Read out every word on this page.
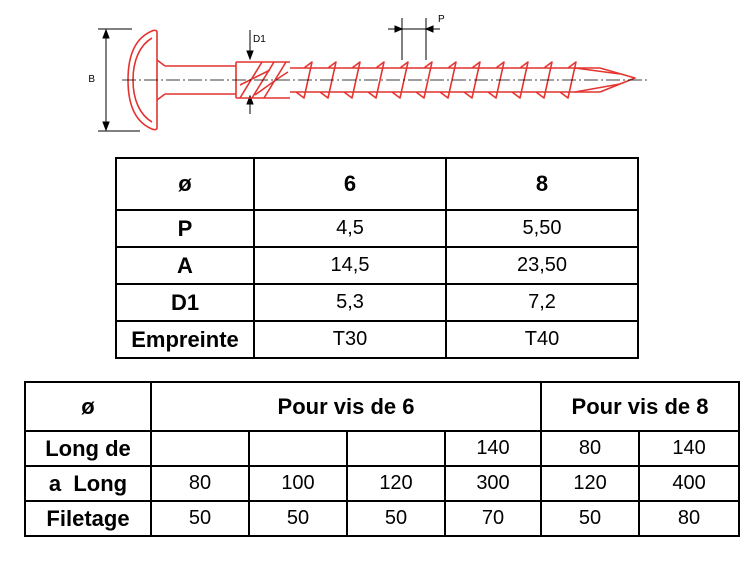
B
D1
P
ø	6	8
P	4,5	5,50
A	14,5	23,50
D1	5,3	7,2
Empreinte	T30	T40
ø	Pour vis de 6				Pour vis de 8	
Long de				140	80	140
a  Long	80	100	120	300	120	400
Filetage	50	50	50	70	50	80
